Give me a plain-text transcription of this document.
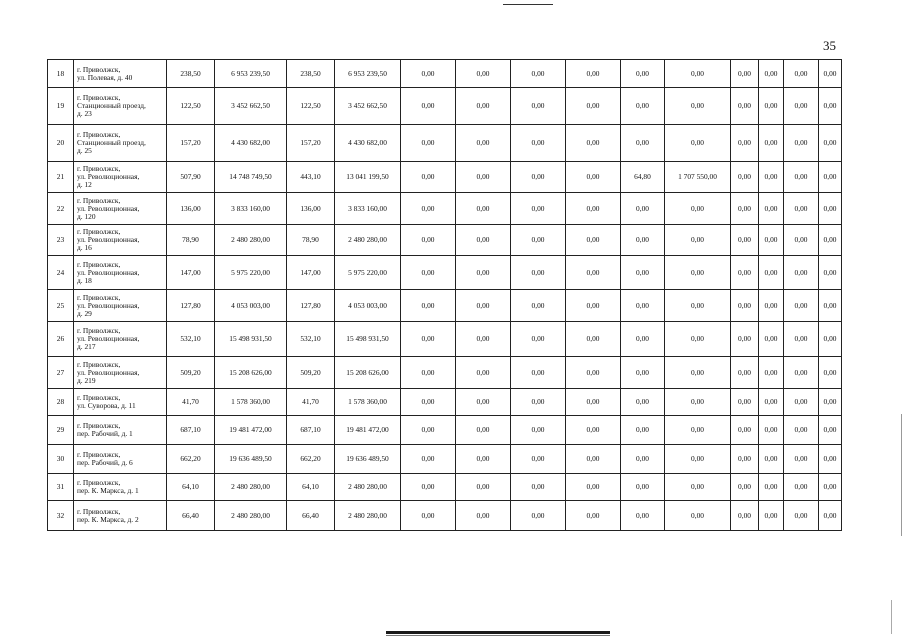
35
18	г. Приволжск,
ул. Полевая, д. 40	238,50	6 953 239,50	238,50	6 953 239,50	0,00	0,00	0,00	0,00	0,00	0,00	0,00	0,00	0,00	0,00
19	г. Приволжск,
Станционный проезд,
д. 23	122,50	3 452 662,50	122,50	3 452 662,50	0,00	0,00	0,00	0,00	0,00	0,00	0,00	0,00	0,00	0,00
20	г. Приволжск,
Станционный проезд,
д. 25	157,20	4 430 682,00	157,20	4 430 682,00	0,00	0,00	0,00	0,00	0,00	0,00	0,00	0,00	0,00	0,00
21	г. Приволжск,
ул. Революционная,
д. 12	507,90	14 748 749,50	443,10	13 041 199,50	0,00	0,00	0,00	0,00	64,80	1 707 550,00	0,00	0,00	0,00	0,00
22	г. Приволжск,
ул. Революционная,
д. 120	136,00	3 833 160,00	136,00	3 833 160,00	0,00	0,00	0,00	0,00	0,00	0,00	0,00	0,00	0,00	0,00
23	г. Приволжск,
ул. Революционная,
д. 16	78,90	2 480 280,00	78,90	2 480 280,00	0,00	0,00	0,00	0,00	0,00	0,00	0,00	0,00	0,00	0,00
24	г. Приволжск,
ул. Революционная,
д. 18	147,00	5 975 220,00	147,00	5 975 220,00	0,00	0,00	0,00	0,00	0,00	0,00	0,00	0,00	0,00	0,00
25	г. Приволжск,
ул. Революционная,
д. 29	127,80	4 053 003,00	127,80	4 053 003,00	0,00	0,00	0,00	0,00	0,00	0,00	0,00	0,00	0,00	0,00
26	г. Приволжск,
ул. Революционная,
д. 217	532,10	15 498 931,50	532,10	15 498 931,50	0,00	0,00	0,00	0,00	0,00	0,00	0,00	0,00	0,00	0,00
27	г. Приволжск,
ул. Революционная,
д. 219	509,20	15 208 626,00	509,20	15 208 626,00	0,00	0,00	0,00	0,00	0,00	0,00	0,00	0,00	0,00	0,00
28	г. Приволжск,
ул. Суворова, д. 11	41,70	1 578 360,00	41,70	1 578 360,00	0,00	0,00	0,00	0,00	0,00	0,00	0,00	0,00	0,00	0,00
29	г. Приволжск,
пер. Рабочий, д. 1	687,10	19 481 472,00	687,10	19 481 472,00	0,00	0,00	0,00	0,00	0,00	0,00	0,00	0,00	0,00	0,00
30	г. Приволжск,
пер. Рабочий, д. 6	662,20	19 636 489,50	662,20	19 636 489,50	0,00	0,00	0,00	0,00	0,00	0,00	0,00	0,00	0,00	0,00
31	г. Приволжск,
пер. К. Маркса, д. 1	64,10	2 480 280,00	64,10	2 480 280,00	0,00	0,00	0,00	0,00	0,00	0,00	0,00	0,00	0,00	0,00
32	г. Приволжск,
пер. К. Маркса, д. 2	66,40	2 480 280,00	66,40	2 480 280,00	0,00	0,00	0,00	0,00	0,00	0,00	0,00	0,00	0,00	0,00
